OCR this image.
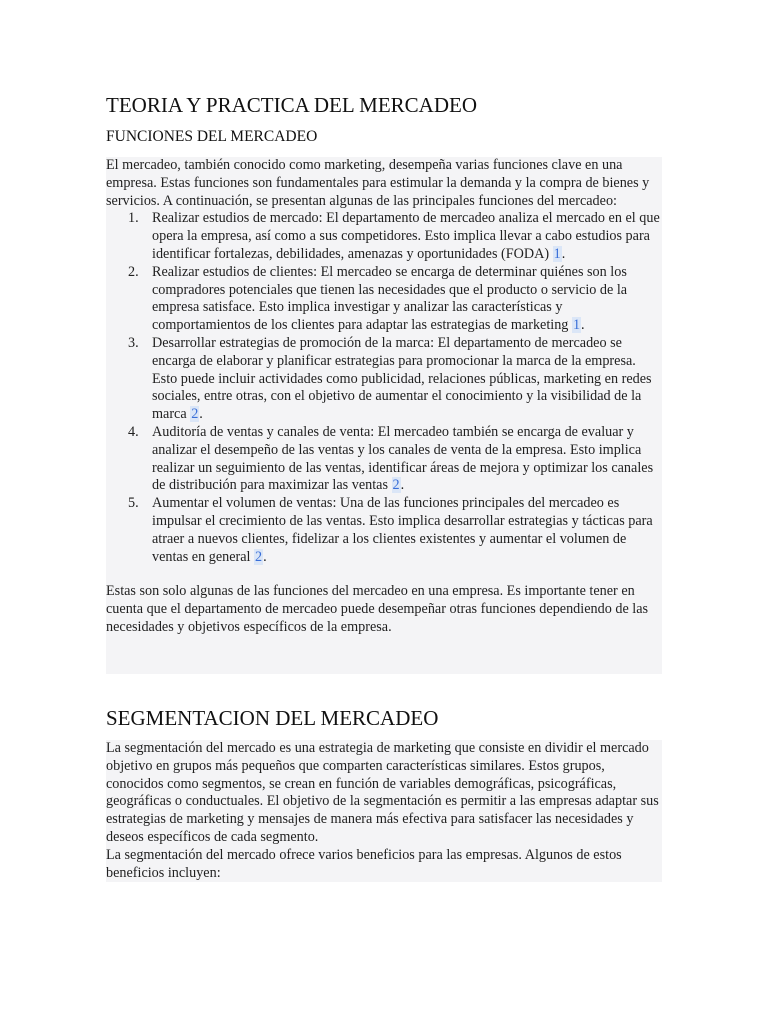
TEORIA Y PRACTICA DEL MERCADEO
FUNCIONES DEL MERCADEO

El mercadeo, también conocido como marketing, desempeña varias funciones clave en una empresa. Estas funciones son fundamentales para estimular la demanda y la compra de bienes y servicios. A continuación, se presentan algunas de las principales funciones del mercadeo:

1. Realizar estudios de mercado: El departamento de mercadeo analiza el mercado en el que opera la empresa, así como a sus competidores. Esto implica llevar a cabo estudios para identificar fortalezas, debilidades, amenazas y oportunidades (FODA) 1.
2. Realizar estudios de clientes: El mercadeo se encarga de determinar quiénes son los compradores potenciales que tienen las necesidades que el producto o servicio de la empresa satisface. Esto implica investigar y analizar las características y comportamientos de los clientes para adaptar las estrategias de marketing 1.
3. Desarrollar estrategias de promoción de la marca: El departamento de mercadeo se encarga de elaborar y planificar estrategias para promocionar la marca de la empresa. Esto puede incluir actividades como publicidad, relaciones públicas, marketing en redes sociales, entre otras, con el objetivo de aumentar el conocimiento y la visibilidad de la marca 2.
4. Auditoría de ventas y canales de venta: El mercadeo también se encarga de evaluar y analizar el desempeño de las ventas y los canales de venta de la empresa. Esto implica realizar un seguimiento de las ventas, identificar áreas de mejora y optimizar los canales de distribución para maximizar las ventas 2.
5. Aumentar el volumen de ventas: Una de las funciones principales del mercadeo es impulsar el crecimiento de las ventas. Esto implica desarrollar estrategias y tácticas para atraer a nuevos clientes, fidelizar a los clientes existentes y aumentar el volumen de ventas en general 2.

Estas son solo algunas de las funciones del mercadeo en una empresa. Es importante tener en cuenta que el departamento de mercadeo puede desempeñar otras funciones dependiendo de las necesidades y objetivos específicos de la empresa.

SEGMENTACION DEL MERCADEO

La segmentación del mercado es una estrategia de marketing que consiste en dividir el mercado objetivo en grupos más pequeños que comparten características similares. Estos grupos, conocidos como segmentos, se crean en función de variables demográficas, psicográficas, geográficas o conductuales. El objetivo de la segmentación es permitir a las empresas adaptar sus estrategias de marketing y mensajes de manera más efectiva para satisfacer las necesidades y deseos específicos de cada segmento.

La segmentación del mercado ofrece varios beneficios para las empresas. Algunos de estos beneficios incluyen:
